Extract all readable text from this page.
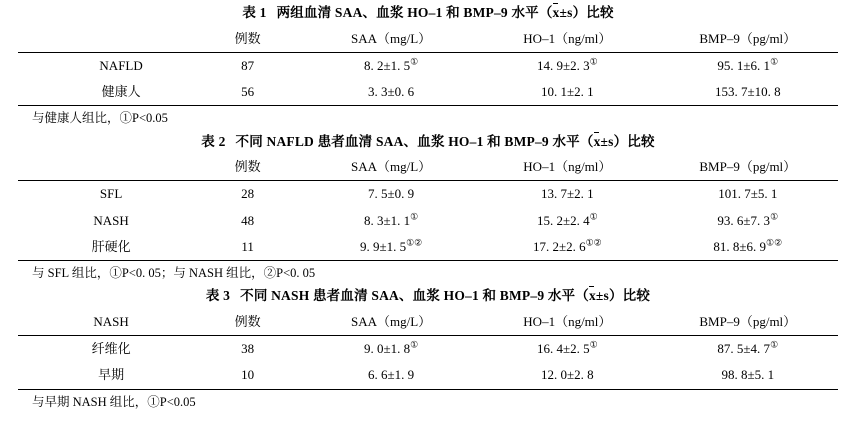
表 1 两组血清 SAA、血浆 HO–1 和 BMP–9 水平（x±s）比较
	例数	SAA（mg/L）	HO–1（ng/ml）	BMP–9（pg/ml）
NAFLD	87	8. 2±1. 5①	14. 9±2. 3①	95. 1±6. 1①
健康人	56	3. 3±0. 6	10. 1±2. 1	153. 7±10. 8
与健康人组比，①P<0.05
表 2 不同 NAFLD 患者血清 SAA、血浆 HO–1 和 BMP–9 水平（x±s）比较
	例数	SAA（mg/L）	HO–1（ng/ml）	BMP–9（pg/ml）
SFL	28	7. 5±0. 9	13. 7±2. 1	101. 7±5. 1
NASH	48	8. 3±1. 1①	15. 2±2. 4①	93. 6±7. 3①
肝硬化	11	9. 9±1. 5①②	17. 2±2. 6①②	81. 8±6. 9①②
与 SFL 组比，①P<0. 05；与 NASH 组比，②P<0. 05
表 3 不同 NASH 患者血清 SAA、血浆 HO–1 和 BMP–9 水平（x±s）比较
NASH	例数	SAA（mg/L）	HO–1（ng/ml）	BMP–9（pg/ml）
纤维化	38	9. 0±1. 8①	16. 4±2. 5①	87. 5±4. 7①
早期	10	6. 6±1. 9	12. 0±2. 8	98. 8±5. 1
与早期 NASH 组比，①P<0.05
